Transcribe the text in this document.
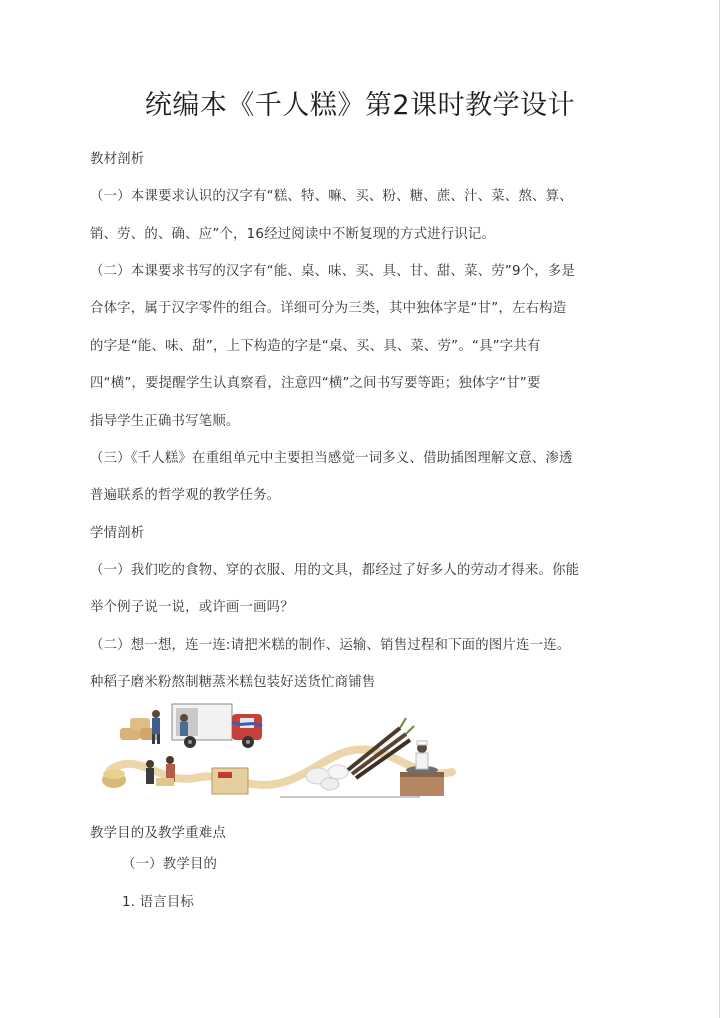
统编本《千人糕》第2课时教学设计
教材剖析
（一）本课要求认识的汉字有“糕、特、嘛、买、粉、糖、蔗、汁、菜、熬、算、
销、劳、的、确、应”个，16经过阅读中不断复现的方式进行识记。
（二）本课要求书写的汉字有“能、桌、味、买、具、甘、甜、菜、劳”9个，多是
合体字，属于汉字零件的组合。详细可分为三类，其中独体字是“甘”，左右构造
的字是“能、味、甜”，上下构造的字是“桌、买、具、菜、劳”。“具”字共有
四“横”，要提醒学生认真察看，注意四“横”之间书写要等距；独体字“甘”要
指导学生正确书写笔顺。
（三）《千人糕》在重组单元中主要担当感觉一词多义、借助插图理解文意、渗透
普遍联系的哲学观的教学任务。
学情剖析
（一）我们吃的食物、穿的衣服、用的文具，都经过了好多人的劳动才得来。你能
举个例子说一说，或许画一画吗？
（二）想一想，连一连:请把米糕的制作、运输、销售过程和下面的图片连一连。
种稻子磨米粉熬制糖蒸米糕包装好送货忙商铺售
教学目的及教学重难点
（一）教学目的
1. 语言目标
